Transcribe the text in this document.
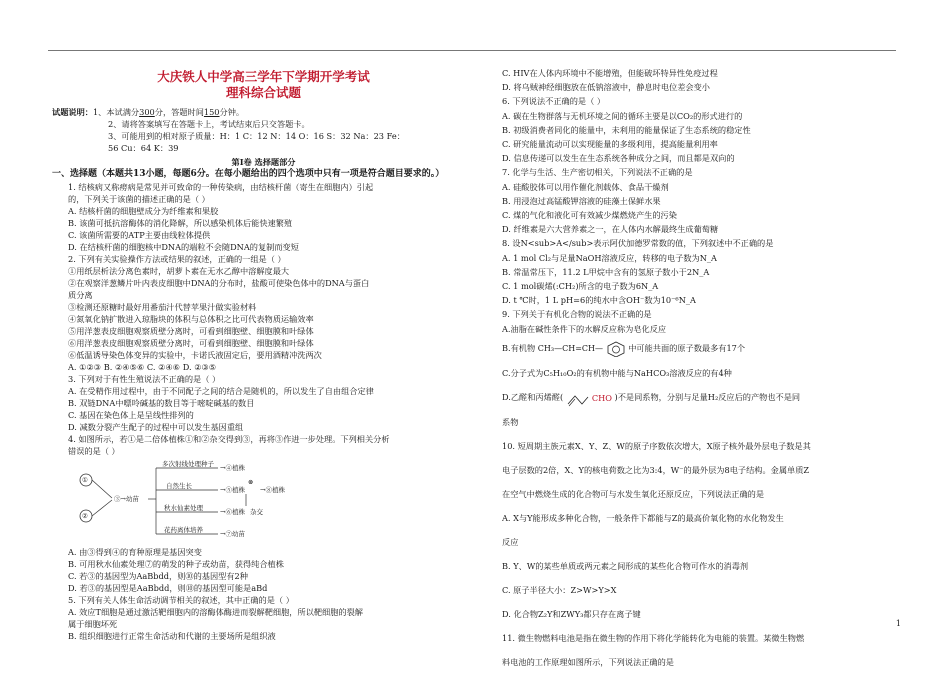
大庆铁人中学高三学年下学期开学考试
理科综合试题
试题说明：1、本试满分300分，答题时间150分钟。
2、请将答案填写在答题卡上，考试结束后只交答题卡。
3、可能用到的相对原子质量：H：1 C：12 N：14 O：16 S：32 Na：23 Fe：
56 Cu：64 K：39
第Ⅰ卷 选择题部分
一、选择题（本题共13小题，每题6分。在每小题给出的四个选项中只有一项是符合题目要求的。）
1. 结核病又称痨病是常见并可致命的一种传染病，由结核杆菌（寄生在细胞内）引起
的，下列关于该菌的描述正确的是（ ）
A. 结核杆菌的细胞壁成分为纤维素和果胶
B. 该菌可抵抗溶酶体的消化降解，所以感染机体后能快速繁殖
C. 该菌所需要的ATP主要由线粒体提供
D. 在结核杆菌的细胞核中DNA的端粒不会随DNA的复制而变短
2. 下列有关实验操作方法或结果的叙述，正确的一组是（ ）
①用纸层析法分离色素时，胡萝卜素在无水乙醇中溶解度最大
②在观察洋葱鳞片叶内表皮细胞中DNA的分布时，盐酸可使染色体中的DNA与蛋白
质分离
③检测还原糖时最好用番茄汁代替苹果汁做实验材料
④氮氧化钠扩散进入琼脂块的体积与总体积之比可代表物质运输效率
⑤用洋葱表皮细胞观察质壁分离时，可看到细胞壁、细胞膜和叶绿体
⑥用洋葱表皮细胞观察质壁分离时，可看到细胞壁、细胞膜和叶绿体
⑥低温诱导染色体变异的实验中，卡诺氏液固定后，要用酒精冲洗两次
A. ①②③ B. ②④⑤⑥ C. ②④⑥ D. ②③⑤
3. 下列对于有性生殖说法不正确的是（ ）
A. 在受精作用过程中，由于不同配子之间的结合是随机的，所以发生了自由组合定律
B. 双链DNA中嘌呤碱基的数目等于嘧啶碱基的数目
C. 基因在染色体上是呈线性排列的
D. 减数分裂产生配子的过程中可以发生基因重组
4. 如图所示，若①是二倍体植株①和②杂交得到③，再将③作进一步处理。下列相关分析
错误的是（ ）
①
②
③→幼苗
多次射线处理种子 →④植株
自然生长	→⑤植株
⊗
→⑧植株
秋水仙素处理	→⑥植株 杂交
花药离体培养	→⑦幼苗
A. 由③得到④的育种原理是基因突变
B. 可用秋水仙素处理⑦的萌发的种子或幼苗，获得纯合植株
C. 若③的基因型为AaBbdd，则⑩的基因型有2种
D. 若③的基因型是AaBbdd，则⑩的基因型可能是aBd
5. 下列有关人体生命活动调节相关的叙述，其中正确的是（ ）
A. 效应T细胞是通过激活靶细胞内的溶酶体酶进而裂解靶细胞，所以靶细胞的裂解
属于细胞坏死
B. 组织细胞进行正常生命活动和代谢的主要场所是组织液
C. HIV在人体内环境中不能增殖，但能破坏特异性免疫过程
D. 将乌贼神经细胞放在低钠溶液中，静息时电位差会变小
6. 下列说法不正确的是（ ）
A. 碳在生物群落与无机环境之间的循环主要是以CO₂的形式进行的
B. 初级消费者同化的能量中，未利用的能量保证了生态系统的稳定性
C. 研究能量流动可以实现能量的多级利用，提高能量利用率
D. 信息传递可以发生在生态系统各种成分之间，而且都是双向的
7. 化学与生活、生产密切相关，下列说法不正确的是
A. 硅酸胶体可以用作催化剂载体、食品干燥剂
B. 用浸泡过高锰酸钾溶液的硅藻土保鲜水果
C. 煤的气化和液化可有效减少煤燃烧产生的污染
D. 纤维素是六大营养素之一，在人体内水解最终生成葡萄糖
8. 设N<sub>A</sub>表示阿伏加德罗常数的值，下列叙述中不正确的是
A. 1 mol Cl₂与足量NaOH溶液反应，转移的电子数为N_A
B. 常温常压下，11.2 L甲烷中含有的氢原子数小于2N_A
C. 1 mol碳烯(:CH₂)所含的电子数为6N_A
D. t ℃时，1 L pH=6的纯水中含OH⁻数为10⁻⁶N_A
9. 下列关于有机化合物的说法不正确的是
A.油脂在碱性条件下的水解反应称为皂化反应
B.有机物 CH₃—CH=CH—	中可能共面的原子数最多有17个
C.分子式为C₅H₁₀O₂的有机物中能与NaHCO₃溶液反应的有4种
D.乙醛和丙烯醛(	CHO )不是同系物，分别与足量H₂反应后的产物也不是同
系物
10. 短周期主族元素X、Y、Z、W的原子序数依次增大，X原子核外最外层电子数是其
电子层数的2倍，X、Y的核电荷数之比为3:4，W⁻的最外层为8电子结构。金属单质Z
在空气中燃烧生成的化合物可与水发生氧化还原反应，下列说法正确的是
A. X与Y能形成多种化合物，一般条件下都能与Z的最高价氧化物的水化物发生
反应
B. Y、W的某些单质或两元素之间形成的某些化合物可作水的消毒剂
C. 原子半径大小：Z>W>Y>X
D. 化合物Z₂Y和ZWY₃都只存在离子键
11. 微生物燃料电池是指在微生物的作用下将化学能转化为电能的装置。某微生物燃
料电池的工作原理如图所示，下列说法正确的是
1
